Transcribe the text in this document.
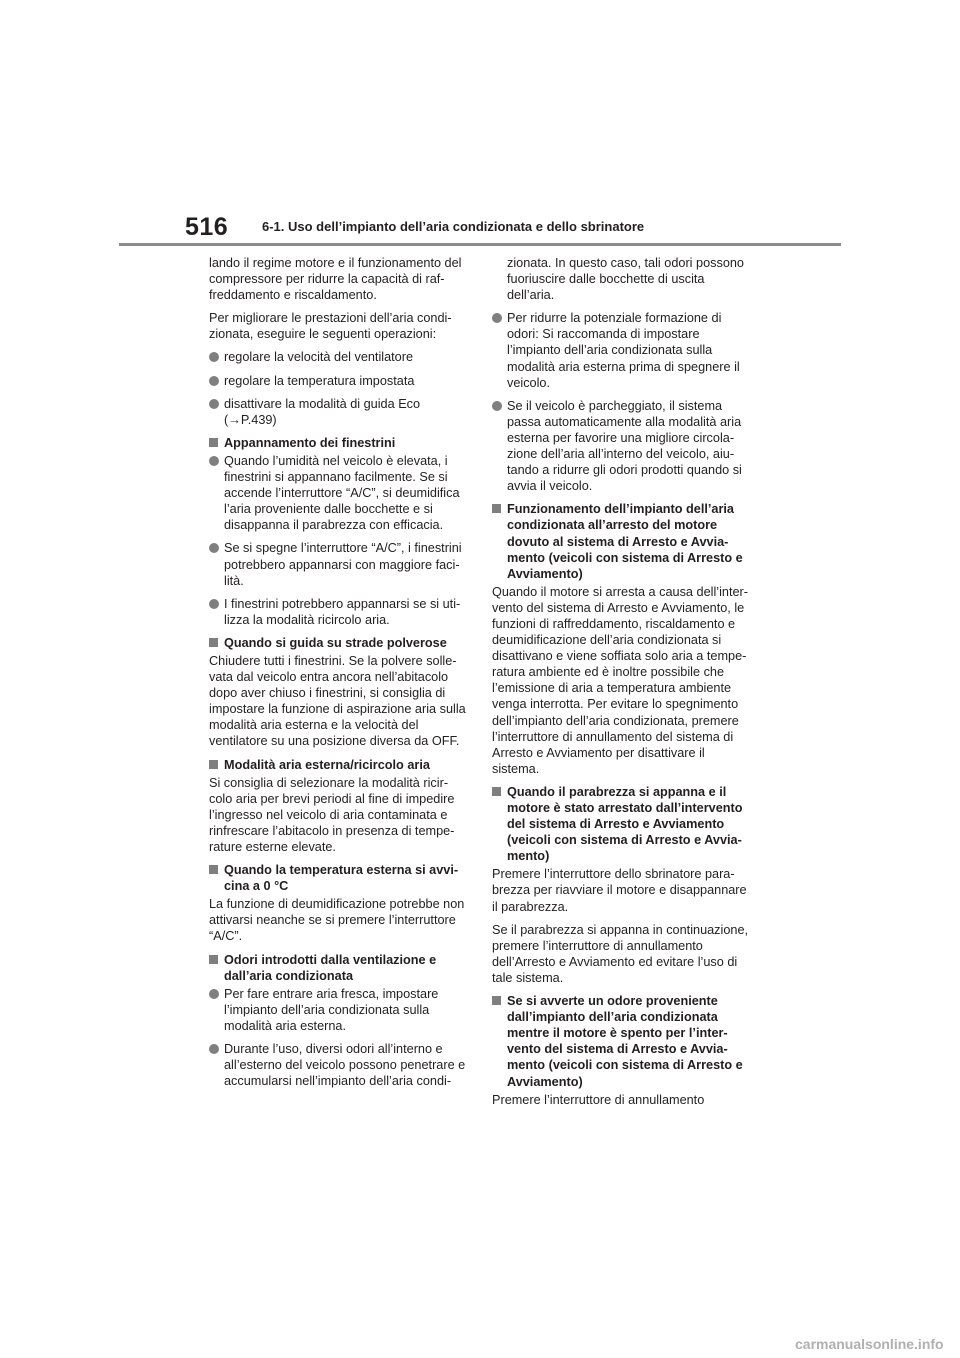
516	6-1. Uso dell’impianto dell’aria condizionata e dello sbrinatore
lando il regime motore e il funzionamento del compressore per ridurre la capacità di raf-freddamento e riscaldamento.
Per migliorare le prestazioni dell’aria condi-zionata, eseguire le seguenti operazioni:
regolare la velocità del ventilatore
regolare la temperatura impostata
disattivare la modalità di guida Eco (→P.439)
Appannamento dei finestrini
Quando l’umidità nel veicolo è elevata, i finestrini si appannano facilmente. Se si accende l’interruttore “A/C”, si deumidifica l’aria proveniente dalle bocchette e si disappanna il parabrezza con efficacia.
Se si spegne l’interruttore “A/C”, i finestrini potrebbero appannarsi con maggiore faci-lità.
I finestrini potrebbero appannarsi se si uti-lizza la modalità ricircolo aria.
Quando si guida su strade polverose
Chiudere tutti i finestrini. Se la polvere solle-vata dal veicolo entra ancora nell’abitacolo dopo aver chiuso i finestrini, si consiglia di impostare la funzione di aspirazione aria sulla modalità aria esterna e la velocità del ventilatore su una posizione diversa da OFF.
Modalità aria esterna/ricircolo aria
Si consiglia di selezionare la modalità ricir-colo aria per brevi periodi al fine di impedire l’ingresso nel veicolo di aria contaminata e rinfrescare l’abitacolo in presenza di tempe-rature esterne elevate.
Quando la temperatura esterna si avvi-cina a 0 °C
La funzione di deumidificazione potrebbe non attivarsi neanche se si premere l’interruttore “A/C”.
Odori introdotti dalla ventilazione e dall’aria condizionata
Per fare entrare aria fresca, impostare l’impianto dell’aria condizionata sulla modalità aria esterna.
Durante l’uso, diversi odori all’interno e all’esterno del veicolo possono penetrare e accumularsi nell’impianto dell’aria condi-
zionata. In questo caso, tali odori possono fuoriuscire dalle bocchette di uscita dell’aria.
Per ridurre la potenziale formazione di odori: Si raccomanda di impostare l’impianto dell’aria condizionata sulla modalità aria esterna prima di spegnere il veicolo.
Se il veicolo è parcheggiato, il sistema passa automaticamente alla modalità aria esterna per favorire una migliore circola-zione dell’aria all’interno del veicolo, aiu-tando a ridurre gli odori prodotti quando si avvia il veicolo.
Funzionamento dell’impianto dell’aria condizionata all’arresto del motore dovuto al sistema di Arresto e Avvia-mento (veicoli con sistema di Arresto e Avviamento)
Quando il motore si arresta a causa dell’inter-vento del sistema di Arresto e Avviamento, le funzioni di raffreddamento, riscaldamento e deumidificazione dell’aria condizionata si disattivano e viene soffiata solo aria a tempe-ratura ambiente ed è inoltre possibile che l’emissione di aria a temperatura ambiente venga interrotta. Per evitare lo spegnimento dell’impianto dell’aria condizionata, premere l’interruttore di annullamento del sistema di Arresto e Avviamento per disattivare il sistema.
Quando il parabrezza si appanna e il motore è stato arrestato dall’intervento del sistema di Arresto e Avviamento (veicoli con sistema di Arresto e Avvia-mento)
Premere l’interruttore dello sbrinatore para-brezza per riavviare il motore e disappannare il parabrezza.
Se il parabrezza si appanna in continuazione, premere l’interruttore di annullamento dell’Arresto e Avviamento ed evitare l’uso di tale sistema.
Se si avverte un odore proveniente dall’impianto dell’aria condizionata mentre il motore è spento per l’inter-vento del sistema di Arresto e Avvia-mento (veicoli con sistema di Arresto e Avviamento)
Premere l’interruttore di annullamento
carmanualsonline.info
